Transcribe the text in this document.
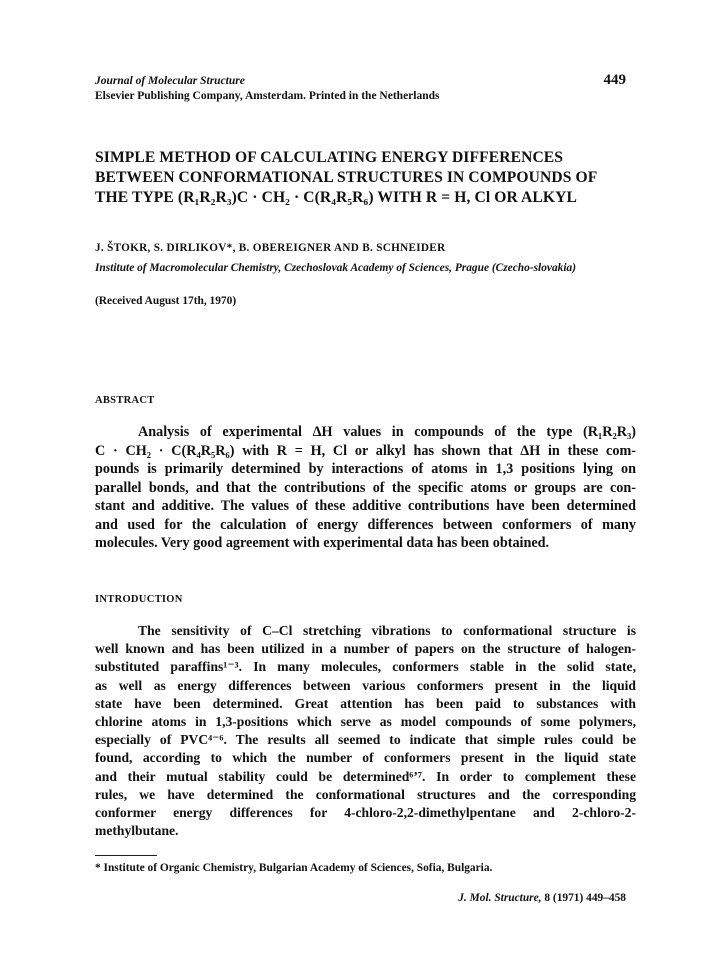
Journal of Molecular Structure
Elsevier Publishing Company, Amsterdam. Printed in the Netherlands
449
SIMPLE METHOD OF CALCULATING ENERGY DIFFERENCES
BETWEEN CONFORMATIONAL STRUCTURES IN COMPOUNDS OF
THE TYPE (R₁R₂R₃)C · CH₂ · C(R₄R₅R₆) WITH R = H, Cl OR ALKYL
J. ŠTOKR, S. DIRLIKOV*, B. OBEREIGNER AND B. SCHNEIDER
Institute of Macromolecular Chemistry, Czechoslovak Academy of Sciences, Prague (Czecho-slovakia)
(Received August 17th, 1970)
ABSTRACT
Analysis of experimental ΔH values in compounds of the type (R₁R₂R₃)
C · CH₂ · C(R₄R₅R₆) with R = H, Cl or alkyl has shown that ΔH in these com-
pounds is primarily determined by interactions of atoms in 1,3 positions lying on
parallel bonds, and that the contributions of the specific atoms or groups are con-
stant and additive. The values of these additive contributions have been determined
and used for the calculation of energy differences between conformers of many
molecules. Very good agreement with experimental data has been obtained.
INTRODUCTION
The sensitivity of C–Cl stretching vibrations to conformational structure is
well known and has been utilized in a number of papers on the structure of halogen-
substituted paraffins¹⁻³. In many molecules, conformers stable in the solid state,
as well as energy differences between various conformers present in the liquid
state have been determined. Great attention has been paid to substances with
chlorine atoms in 1,3-positions which serve as model compounds of some polymers,
especially of PVC⁴⁻⁶. The results all seemed to indicate that simple rules could be
found, according to which the number of conformers present in the liquid state
and their mutual stability could be determined⁶ʼ⁷. In order to complement these
rules, we have determined the conformational structures and the corresponding
conformer energy differences for 4-chloro-2,2-dimethylpentane and 2-chloro-2-
methylbutane.
* Institute of Organic Chemistry, Bulgarian Academy of Sciences, Sofia, Bulgaria.
J. Mol. Structure, 8 (1971) 449–458
